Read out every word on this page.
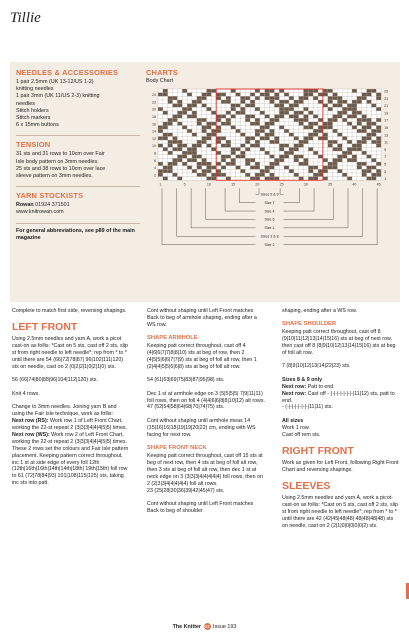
Tillie
NEEDLES & ACCESSORIES
1 pair 2.5mm (UK 13-12/US 1-2)
knitting needles
1 pair 3mm (UK 11/US 2-3) knitting
needles
Stitch holders
Stitch markers
6 x 15mm buttons
TENSION
31 sts and 31 rows to 10cm over Fair
Isle body pattern on 3mm needles.
25 sts and 38 rows to 10cm over lace
sleeve pattern on 3mm needles.
YARN STOCKISTS
Rowan 01924 371501
www.knitrowan.com
For general abbreviations, see p89 of the main magazine
CHARTS
Body Chart
25
23
21
19
17
15
13
11
9
7
5
3
1
24
22
20
18
16
14
12
10
8
6
4
2
45
40
35
30
25
20
15
10
5
1
Sizes 5 & 9
Size 7
Size 4
Size 6
Size 1
Sizes 3 & 8
Size 2

Complete to match first side, reversing shapings.

LEFT FRONT

Using 2.5mm needles and yarn A, work a picot cast-on as follis: *Cast on 5 sts, cast off 2 sts, slip st from right needle to left needle*; rep from * to * until there are 54 (66|72|78|87| 96|102|111|120) sts on needle, cast on 2 (0|2|2|1|0|2|1|0) sts.

56 (66|74|80|88|96|104|112|120) sts.

Knit 4 rows.

Change to 3mm needles. Joining yarn B and using the Fair Isle technique, work as follis:

Next row (RS): Work row 1 of Left Front Chart, working the 22-st repeat 2 (3|3|3|4|4|4|5|5) times.
Next row (WS): Work row 2 of Left Front Chart, working the 22-st repeat 2 (3|3|3|4|4|4|5|5) times.

These 2 rows set the colours and Fair Isle pattern placement. Keeping pattern correct throughout, inc 1 st at side edge of every foll 12th (12th|16th|16th|14th|14th|18th| 19th|15th) foll row to 61 (72|78|84|93| 101|108|115|125) sts, taking inc sts into patt.

Cont without shaping until Left Front matches Back to beg of armhole shaping, ending after a WS row.

SHAPE ARMHOLE

Keeping patt correct throughout, cast off 4 (4|6|6|7|7|8|8|10) sts at beg of row, then 2 (4|5|5|6|6|7|7|9) sts at beg of foll alt row, then 1 (2|4|4|5|5|6|6|8) sts at beg of foll alt row.

54 (61|63|69|75|83|87|95|98) sts.

Dec 1 st at armhole edge on 3 (5|5|5|5| 7|9|11|11) foll rows, then on foll 4 (4|4|6|6|8|8|10|12) alt rows.

47 (52|54|58|64|68|70|74|75) sts.

Cont without shaping until armhole meas 14 (15|16|16|18|19|19|20|22) cm, ending with WS facing for next row.

SHAPE FRONT NECK

Keeping patt correct throughout, cast off 15 sts at beg of next row, then 4 sts at beg of foll alt row, then 3 sts at beg of foll alt row, then dec 1 st at neck edge on 3 (3|3|3|4|4|4|4|4) foll rows, then on 2 (2|3|3|4|4|4|4|4) foll alt rows.

23 (25|28|30|36|39|42|45|47) sts.

Cont without shaping until Left Front matches Back to beg of shoulder

shaping, ending after a WS row.

SHAPE SHOULDER

Keeping patt correct throughout, cast off 8 (9|10|11|12|13|14|15|16) sts at beg of next row, then cast off 8 (8|9|10|12|13|14|15|16) sts at beg of foll alt row.

7 (8|9|10|12|13|14|22|23) sts.

Sizes 8 & 9 only
Next row: Patt to end.
Next row: Cast off - (-|-|-|-|-|-|-|11|12) sts, patt to end.

- (-|-|-|-|-|-|-|11|11) sts.

All sizes
Work 1 row.

Cast off rem sts.

RIGHT FRONT

Work as given for Left Front, following Right Front Chart and reversing shapings.

SLEEVES

Using 2.5mm needles and yarn A, work a picot-cast-on as follis: *Cast on 5 sts, cast off 2 sts, slip st from right needle to left needle*; rep from * to * until there are 42 (42|45|48|48| 48|48|48|48) sts on needle, cast on 2 (2|1|0|0|0|0|0|2) sts.

The Knitter 63 Issue 193
